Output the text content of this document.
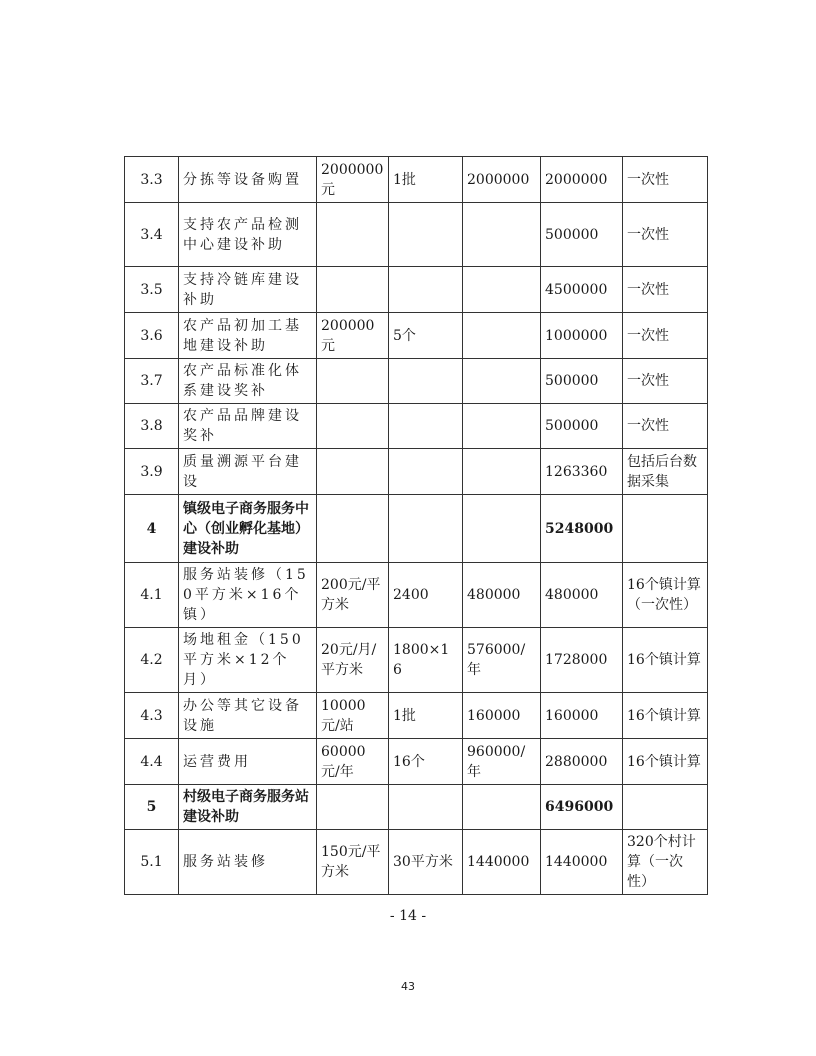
3.3	分拣等设备购置	2000000元	1批	2000000	2000000	一次性
3.4	支持农产品检测中心建设补助				500000	一次性
3.5	支持冷链库建设补助				4500000	一次性
3.6	农产品初加工基地建设补助	200000元	5个		1000000	一次性
3.7	农产品标准化体系建设奖补				500000	一次性
3.8	农产品品牌建设奖补				500000	一次性
3.9	质量溯源平台建设				1263360	包括后台数据采集
4	镇级电子商务服务中心（创业孵化基地）建设补助				5248000	
4.1	服务站装修（150平方米×16个镇）	200元/平方米	2400	480000	480000	16个镇计算（一次性）
4.2	场地租金（150平方米×12个月）	20元/月/平方米	1800×16	576000/年	1728000	16个镇计算
4.3	办公等其它设备设施	10000元/站	1批	160000	160000	16个镇计算
4.4	运营费用	60000元/年	16个	960000/年	2880000	16个镇计算
5	村级电子商务服务站建设补助				6496000	
5.1	服务站装修	150元/平方米	30平方米	1440000	1440000	320个村计算（一次性）
- 14 -
43
